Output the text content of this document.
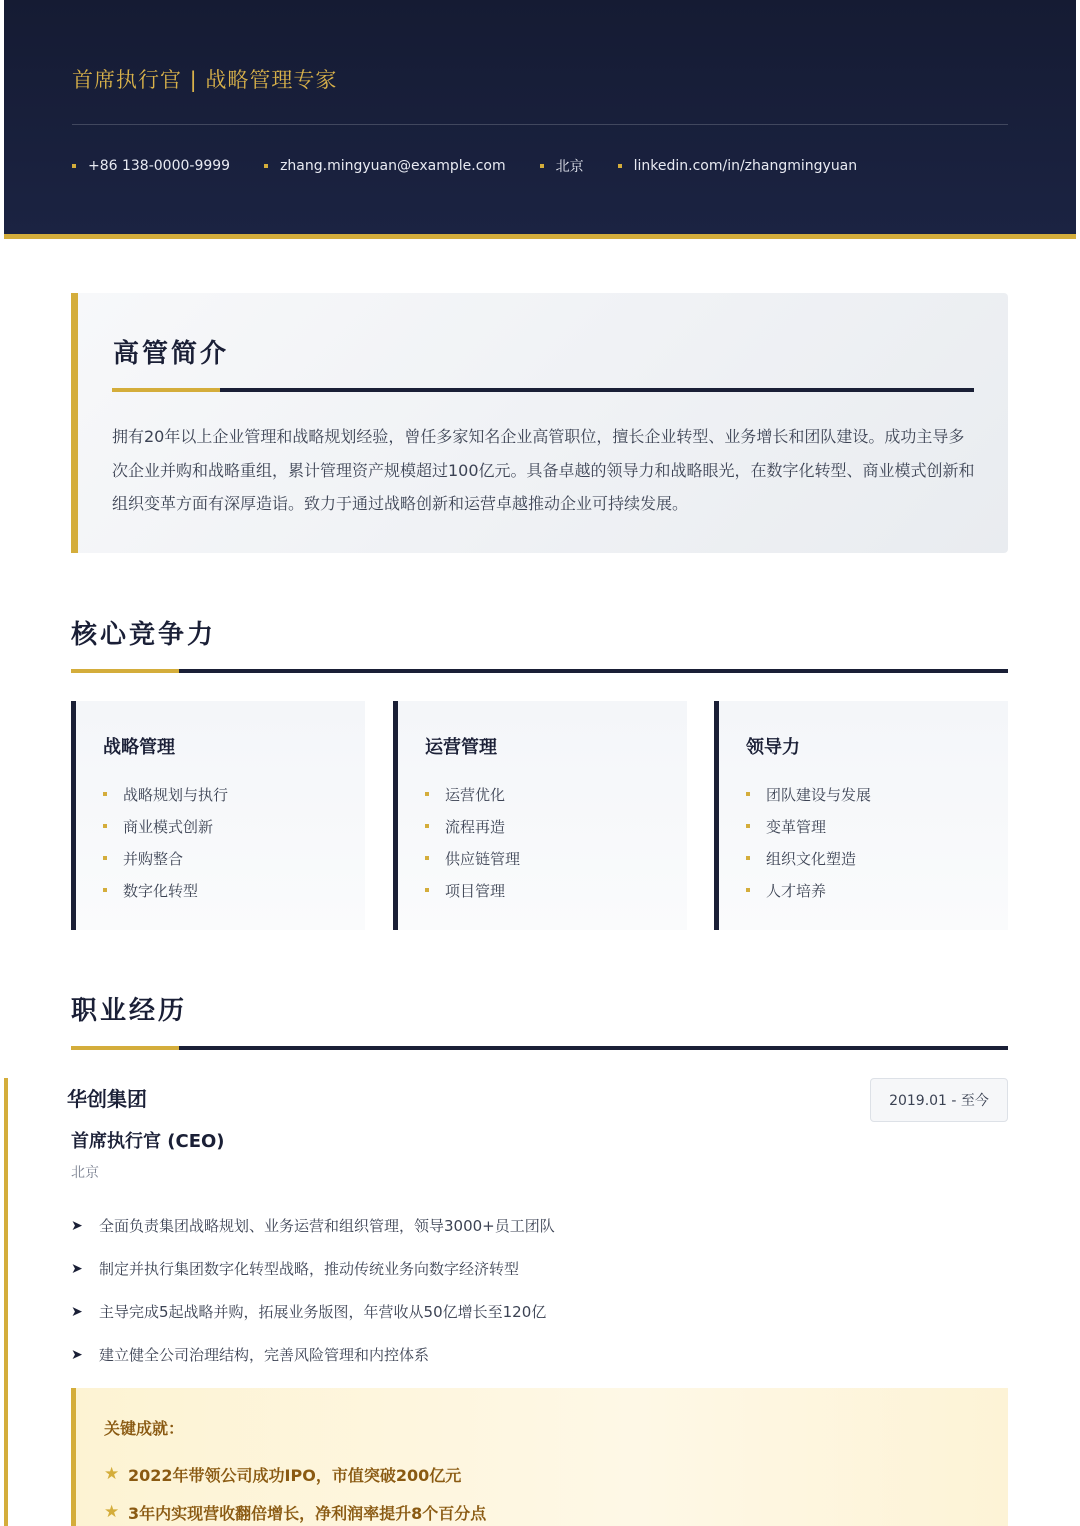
首席执行官 | 战略管理专家
+86 138-0000-9999	zhang.mingyuan@example.com	北京	linkedin.com/in/zhangmingyuan
高管简介
拥有20年以上企业管理和战略规划经验，曾任多家知名企业高管职位，擅长企业转型、业务增长和团队建设。成功主导多次企业并购和战略重组，累计管理资产规模超过100亿元。具备卓越的领导力和战略眼光，在数字化转型、商业模式创新和组织变革方面有深厚造诣。致力于通过战略创新和运营卓越推动企业可持续发展。
核心竞争力
战略管理
战略规划与执行
商业模式创新
并购整合
数字化转型
运营管理
运营优化
流程再造
供应链管理
项目管理
领导力
团队建设与发展
变革管理
组织文化塑造
人才培养
职业经历
华创集团	2019.01 - 至今
首席执行官 (CEO)
北京
➤	全面负责集团战略规划、业务运营和组织管理，领导3000+员工团队
➤	制定并执行集团数字化转型战略，推动传统业务向数字经济转型
➤	主导完成5起战略并购，拓展业务版图，年营收从50亿增长至120亿
➤	建立健全公司治理结构，完善风险管理和内控体系
关键成就：
★ 2022年带领公司成功IPO，市值突破200亿元
★ 3年内实现营收翻倍增长，净利润率提升8个百分点
